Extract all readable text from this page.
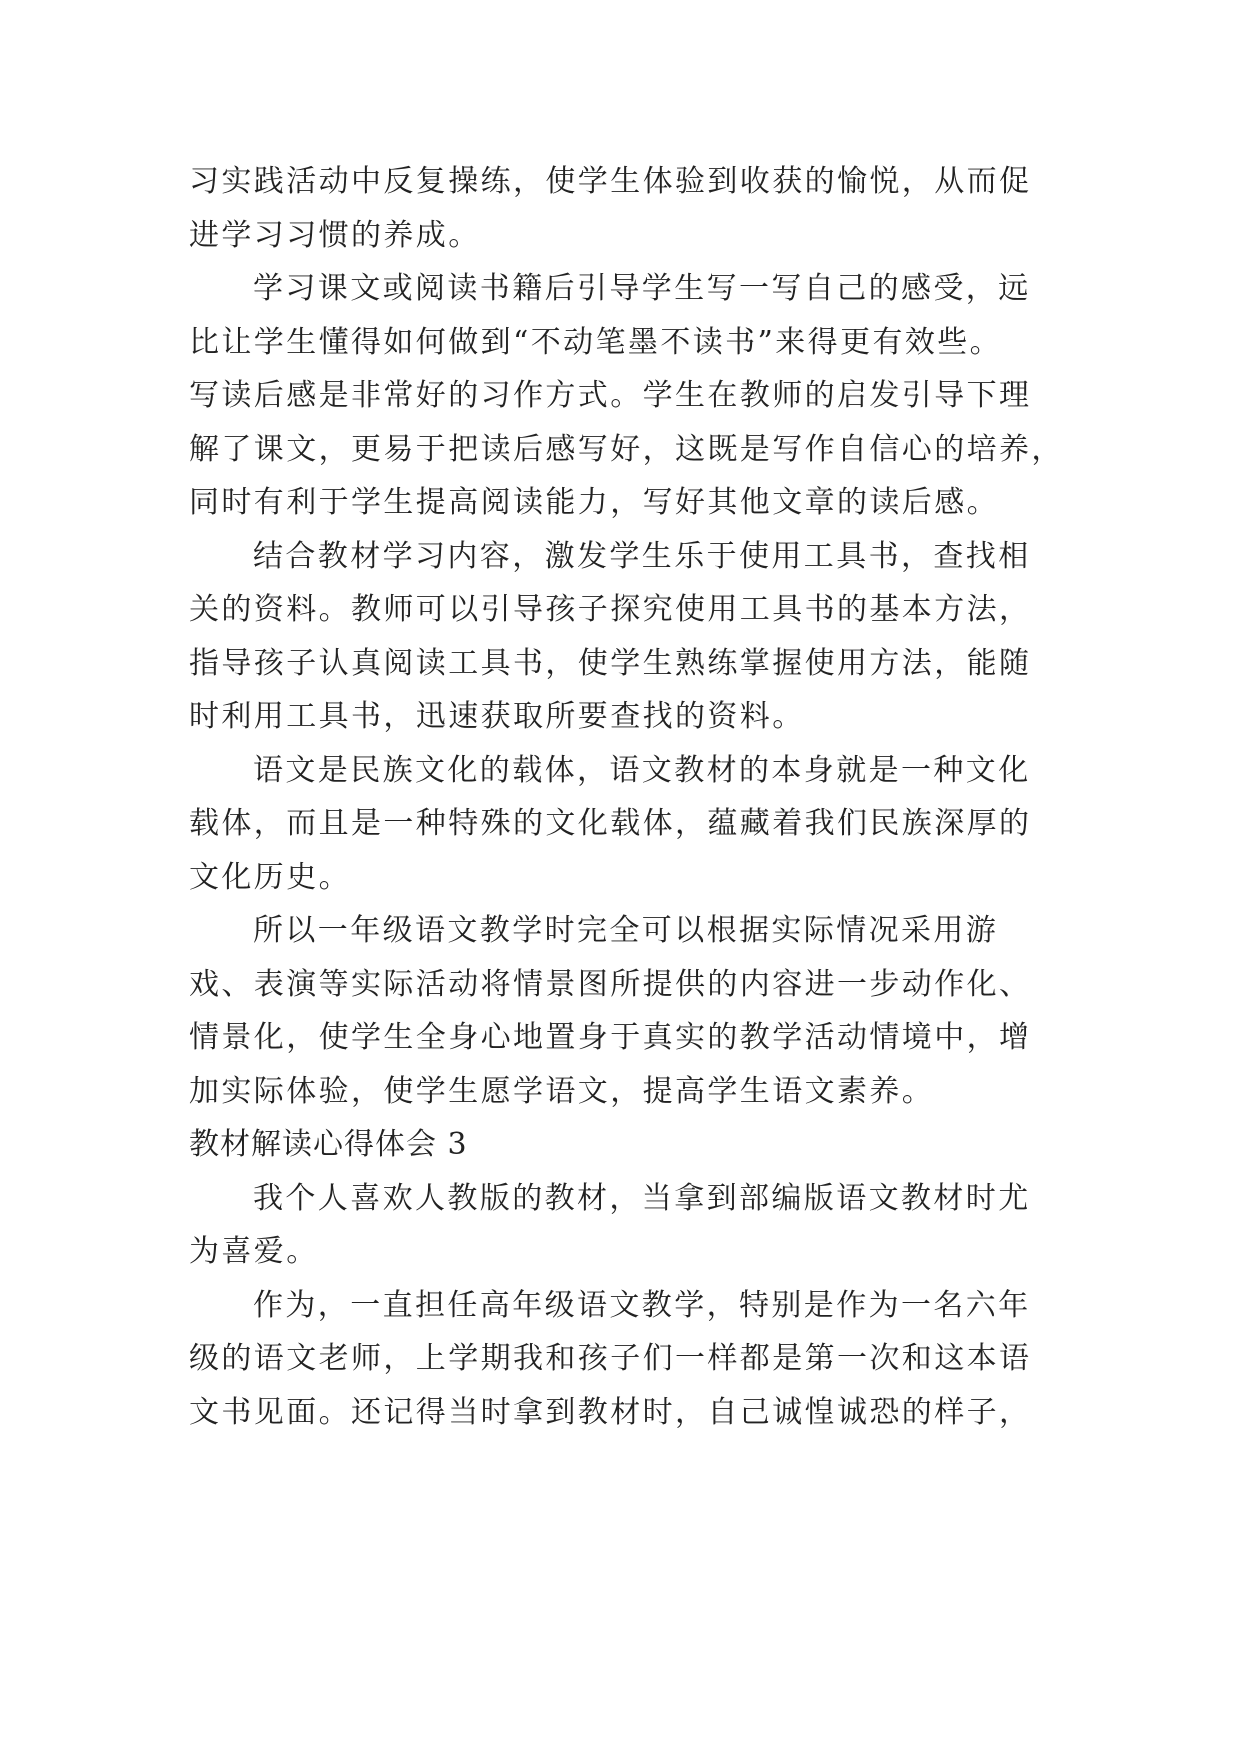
习实践活动中反复操练，使学生体验到收获的愉悦，从而促
进学习习惯的养成。
学习课文或阅读书籍后引导学生写一写自己的感受，远
比让学生懂得如何做到“不动笔墨不读书”来得更有效些。
写读后感是非常好的习作方式。学生在教师的启发引导下理
解了课文，更易于把读后感写好，这既是写作自信心的培养，
同时有利于学生提高阅读能力，写好其他文章的读后感。
结合教材学习内容，激发学生乐于使用工具书，查找相
关的资料。教师可以引导孩子探究使用工具书的基本方法，
指导孩子认真阅读工具书，使学生熟练掌握使用方法，能随
时利用工具书，迅速获取所要查找的资料。
语文是民族文化的载体，语文教材的本身就是一种文化
载体，而且是一种特殊的文化载体，蕴藏着我们民族深厚的
文化历史。
所以一年级语文教学时完全可以根据实际情况采用游
戏、表演等实际活动将情景图所提供的内容进一步动作化、
情景化，使学生全身心地置身于真实的教学活动情境中，增
加实际体验，使学生愿学语文，提高学生语文素养。
教材解读心得体会 3
我个人喜欢人教版的教材，当拿到部编版语文教材时尤
为喜爱。
作为，一直担任高年级语文教学，特别是作为一名六年
级的语文老师，上学期我和孩子们一样都是第一次和这本语
文书见面。还记得当时拿到教材时，自己诚惶诚恐的样子，
